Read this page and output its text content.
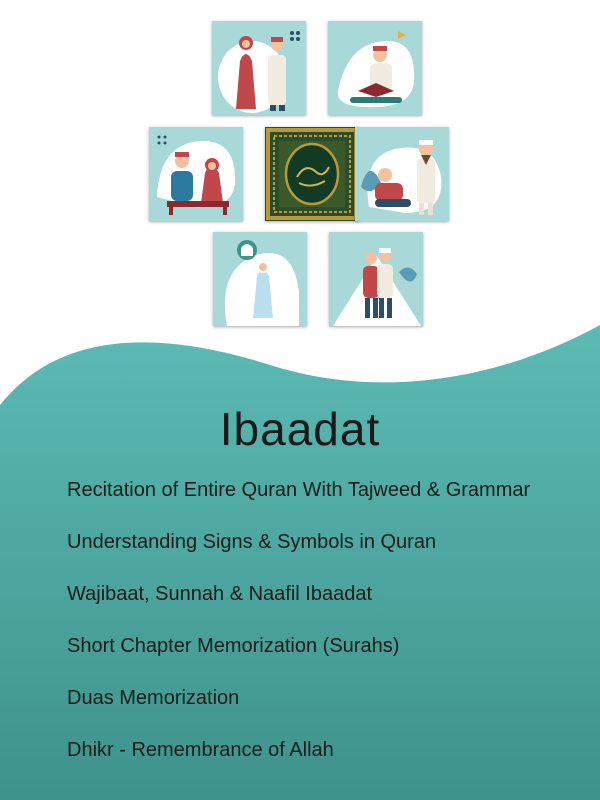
Ibaadat
Recitation of Entire Quran With Tajweed & Grammar
Understanding Signs & Symbols in Quran
Wajibaat, Sunnah & Naafil Ibaadat
Short Chapter Memorization (Surahs)
Duas Memorization
Dhikr - Remembrance of Allah
